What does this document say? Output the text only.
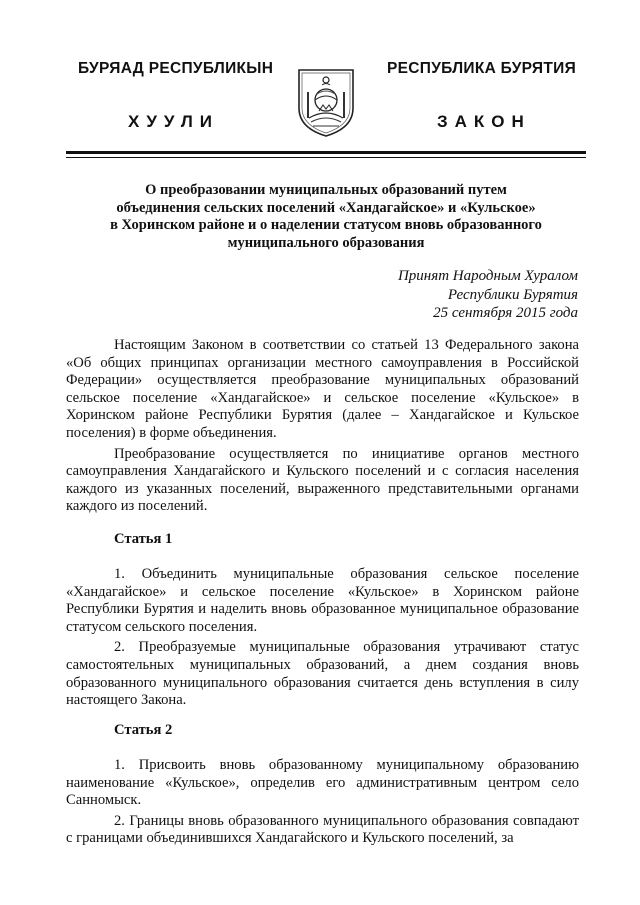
БУРЯАД РЕСПУБЛИКЫН	РЕСПУБЛИКА БУРЯТИЯ
ХУУЛИ	ЗАКОН
О преобразовании муниципальных образований путем
объединения сельских поселений «Хандагайское» и «Кульское»
в Хоринском районе и о наделении статусом вновь образованного
муниципального образования
Принят Народным Хуралом
Республики Бурятия
25 сентября 2015 года

Настоящим Законом в соответствии со статьей 13 Федерального закона «Об общих принципах организации местного самоуправления в Российской Федерации» осуществляется преобразование муниципальных образований сельское поселение «Хандагайское» и сельское поселение «Кульское» в Хоринском районе Республики Бурятия (далее – Хандагайское и Кульское поселения) в форме объединения.

Преобразование осуществляется по инициативе органов местного самоуправления Хандагайского и Кульского поселений и с согласия населения каждого из указанных поселений, выраженного представительными органами каждого из поселений.

Статья 1

1. Объединить муниципальные образования сельское поселение «Хандагайское» и сельское поселение «Кульское» в Хоринском районе Республики Бурятия и наделить вновь образованное муниципальное образование статусом сельского поселения.

2. Преобразуемые муниципальные образования утрачивают статус самостоятельных муниципальных образований, а днем создания вновь образованного муниципального образования считается день вступления в силу настоящего Закона.

Статья 2

1. Присвоить вновь образованному муниципальному образованию наименование «Кульское», определив его административным центром село Санномыск.

2. Границы вновь образованного муниципального образования совпадают с границами объединившихся Хандагайского и Кульского поселений, за
